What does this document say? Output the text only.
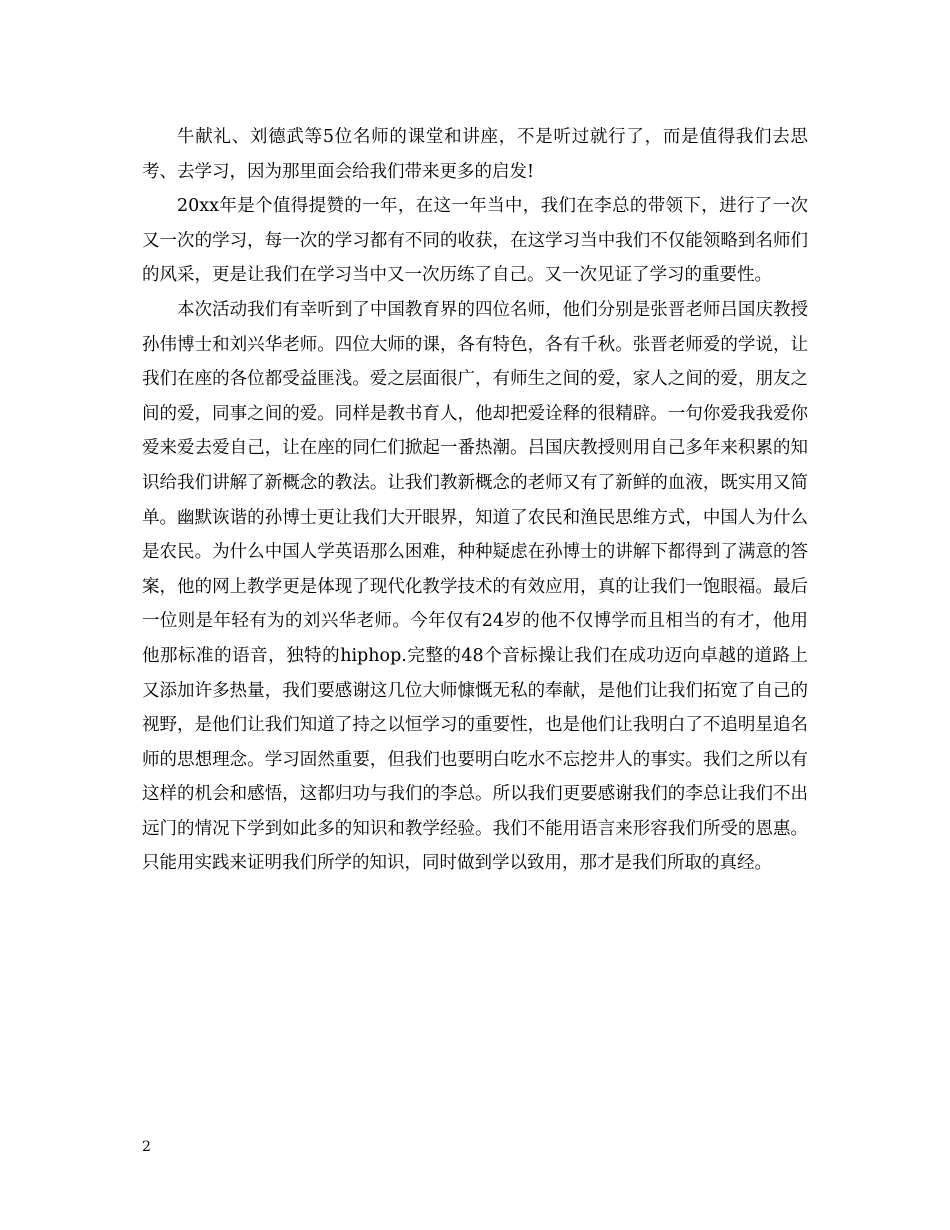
牛献礼、刘德武等5位名师的课堂和讲座，不是听过就行了，而是值得我们去思考、去学习，因为那里面会给我们带来更多的启发!

20xx年是个值得提赞的一年，在这一年当中，我们在李总的带领下，进行了一次又一次的学习，每一次的学习都有不同的收获，在这学习当中我们不仅能领略到名师们的风采，更是让我们在学习当中又一次历练了自己。又一次见证了学习的重要性。

本次活动我们有幸听到了中国教育界的四位名师，他们分别是张晋老师吕国庆教授孙伟博士和刘兴华老师。四位大师的课，各有特色，各有千秋。张晋老师爱的学说，让我们在座的各位都受益匪浅。爱之层面很广，有师生之间的爱，家人之间的爱，朋友之间的爱，同事之间的爱。同样是教书育人，他却把爱诠释的很精辟。一句你爱我我爱你爱来爱去爱自己，让在座的同仁们掀起一番热潮。吕国庆教授则用自己多年来积累的知识给我们讲解了新概念的教法。让我们教新概念的老师又有了新鲜的血液，既实用又简单。幽默诙谐的孙博士更让我们大开眼界，知道了农民和渔民思维方式，中国人为什么是农民。为什么中国人学英语那么困难，种种疑虑在孙博士的讲解下都得到了满意的答案，他的网上教学更是体现了现代化教学技术的有效应用，真的让我们一饱眼福。最后一位则是年轻有为的刘兴华老师。今年仅有24岁的他不仅博学而且相当的有才，他用他那标准的语音，独特的hiphop.完整的48个音标操让我们在成功迈向卓越的道路上又添加许多热量，我们要感谢这几位大师慷慨无私的奉献，是他们让我们拓宽了自己的视野，是他们让我们知道了持之以恒学习的重要性，也是他们让我明白了不追明星追名师的思想理念。学习固然重要，但我们也要明白吃水不忘挖井人的事实。我们之所以有这样的机会和感悟，这都归功与我们的李总。所以我们更要感谢我们的李总让我们不出远门的情况下学到如此多的知识和教学经验。我们不能用语言来形容我们所受的恩惠。只能用实践来证明我们所学的知识，同时做到学以致用，那才是我们所取的真经。

2
